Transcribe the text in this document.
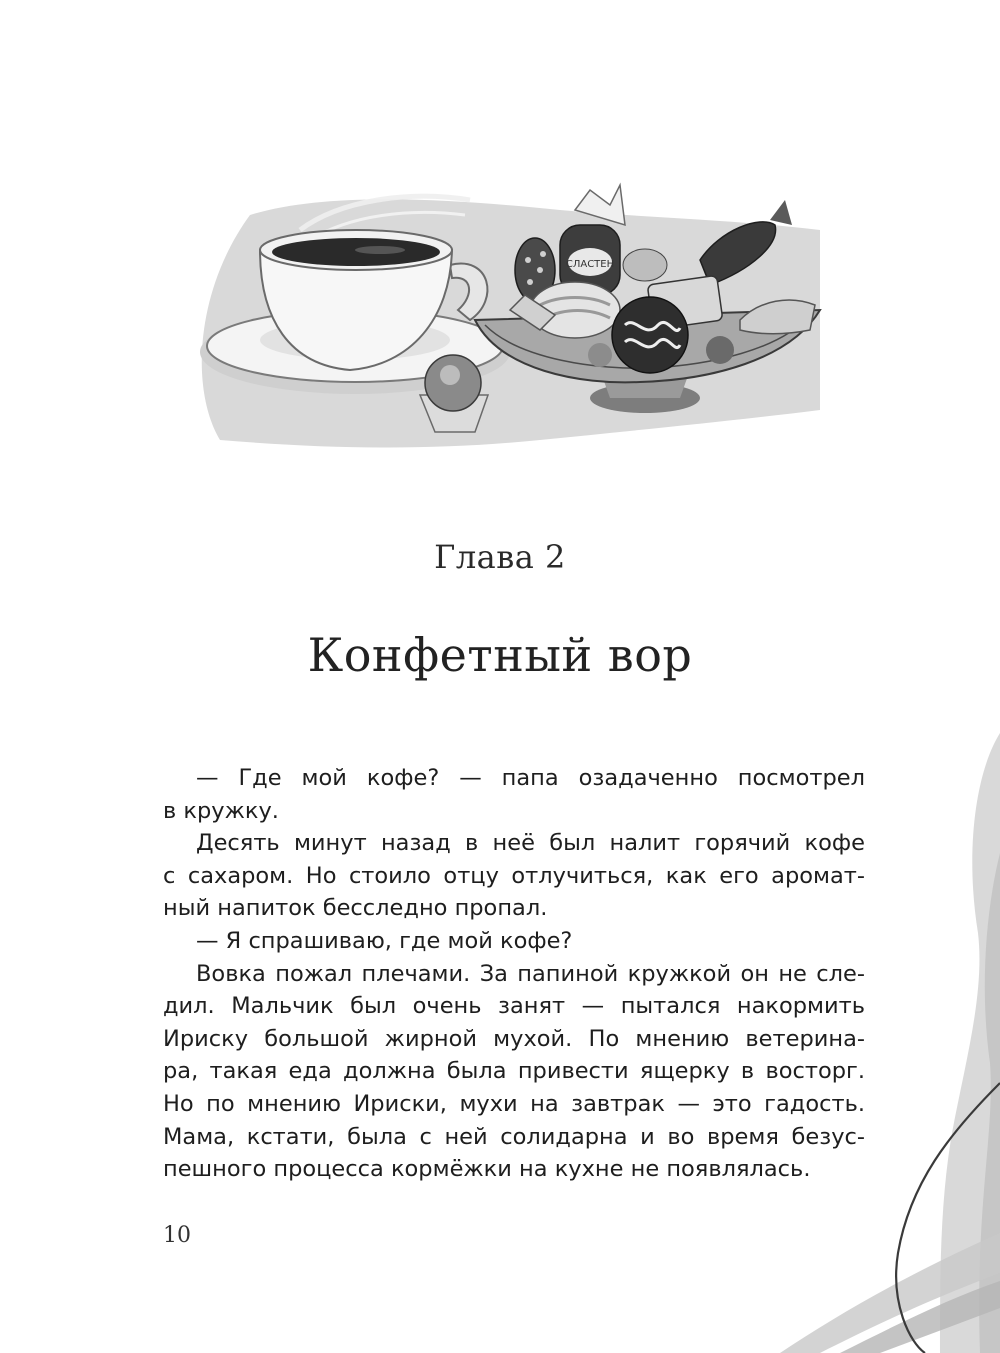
СЛАСТЕН
Глава 2
Конфетный вор
— Где мой кофе? — папа озадаченно посмотрел
в кружку.
Десять минут назад в неё был налит горячий кофе
с сахаром. Но стоило отцу отлучиться, как его аромат-
ный напиток бесследно пропал.
— Я спрашиваю, где мой кофе?
Вовка пожал плечами. За папиной кружкой он не сле-
дил. Мальчик был очень занят — пытался накормить
Ириску большой жирной мухой. По мнению ветерина-
ра, такая еда должна была привести ящерку в восторг.
Но по мнению Ириски, мухи на завтрак — это гадость.
Мама, кстати, была с ней солидарна и во время безус-
пешного процесса кормёжки на кухне не появлялась.
10
